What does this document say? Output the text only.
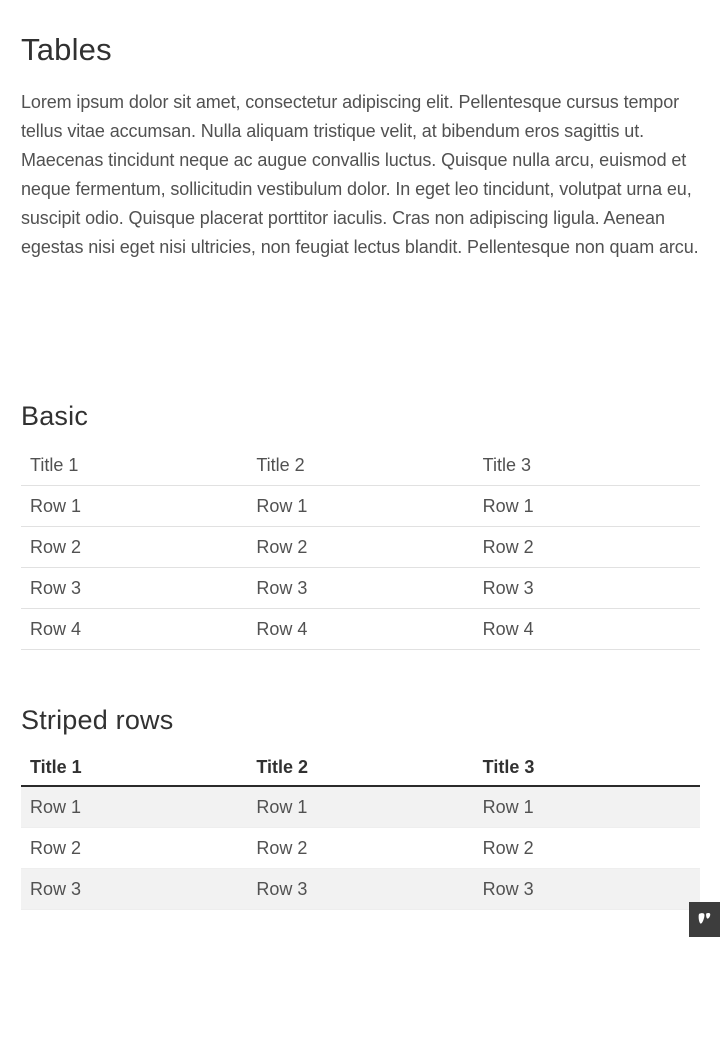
Tables

Lorem ipsum dolor sit amet, consectetur adipiscing elit. Pellentesque cursus tempor tellus vitae accumsan. Nulla aliquam tristique velit, at bibendum eros sagittis ut. Maecenas tincidunt neque ac augue convallis luctus. Quisque nulla arcu, euismod et neque fermentum, sollicitudin vestibulum dolor. In eget leo tincidunt, volutpat urna eu, suscipit odio. Quisque placerat porttitor iaculis. Cras non adipiscing ligula. Aenean egestas nisi eget nisi ultricies, non feugiat lectus blandit. Pellentesque non quam arcu.

Basic
Title 1	Title 2	Title 3
Row 1	Row 1	Row 1
Row 2	Row 2	Row 2
Row 3	Row 3	Row 3
Row 4	Row 4	Row 4
Striped rows
Title 1	Title 2	Title 3
Row 1	Row 1	Row 1
Row 2	Row 2	Row 2
Row 3	Row 3	Row 3
